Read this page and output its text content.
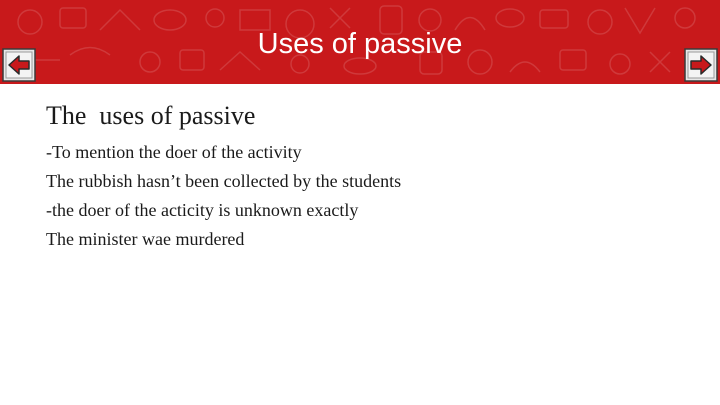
Uses of passive

The  uses of passive

-To mention the doer of the activity

The rubbish hasn’t been collected by the students

-the doer of the acticity is unknown exactly

The minister wae murdered
